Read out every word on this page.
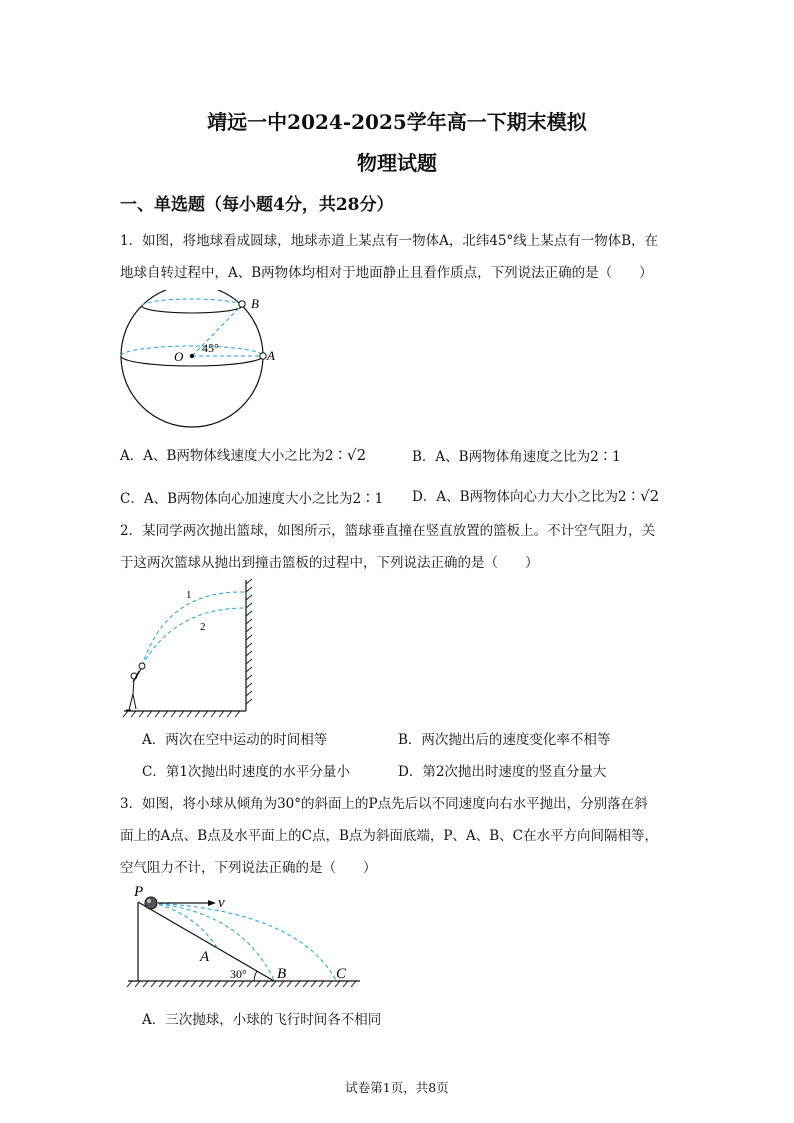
靖远一中2024-2025学年高一下期末模拟
物理试题
一、单选题（每小题4分，共28分）
1．如图，将地球看成圆球，地球赤道上某点有一物体A，北纬45°线上某点有一物体B，在
地球自转过程中，A、B两物体均相对于地面静止且看作质点，下列说法正确的是（　　）
B
O	A
45°
A．A、B两物体线速度大小之比为2∶√2	B．A、B两物体角速度之比为2∶1
C．A、B两物体向心加速度大小之比为2∶1 D．A、B两物体向心力大小之比为2∶√2
2．某同学两次抛出篮球，如图所示，篮球垂直撞在竖直放置的篮板上。不计空气阻力，关
于这两次篮球从抛出到撞击篮板的过程中，下列说法正确的是（　　）
1
2
A．两次在空中运动的时间相等	B．两次抛出后的速度变化率不相等
C．第1次抛出时速度的水平分量小	D．第2次抛出时速度的竖直分量大
3．如图，将小球从倾角为30°的斜面上的P点先后以不同速度向右水平抛出，分别落在斜
面上的A点、B点及水平面上的C点，B点为斜面底端，P、A、B、C在水平方向间隔相等，
空气阻力不计，下列说法正确的是（　　）
P
v
A
B	C
30°
A．三次抛球，小球的飞行时间各不相同
试卷第1页，共8页
